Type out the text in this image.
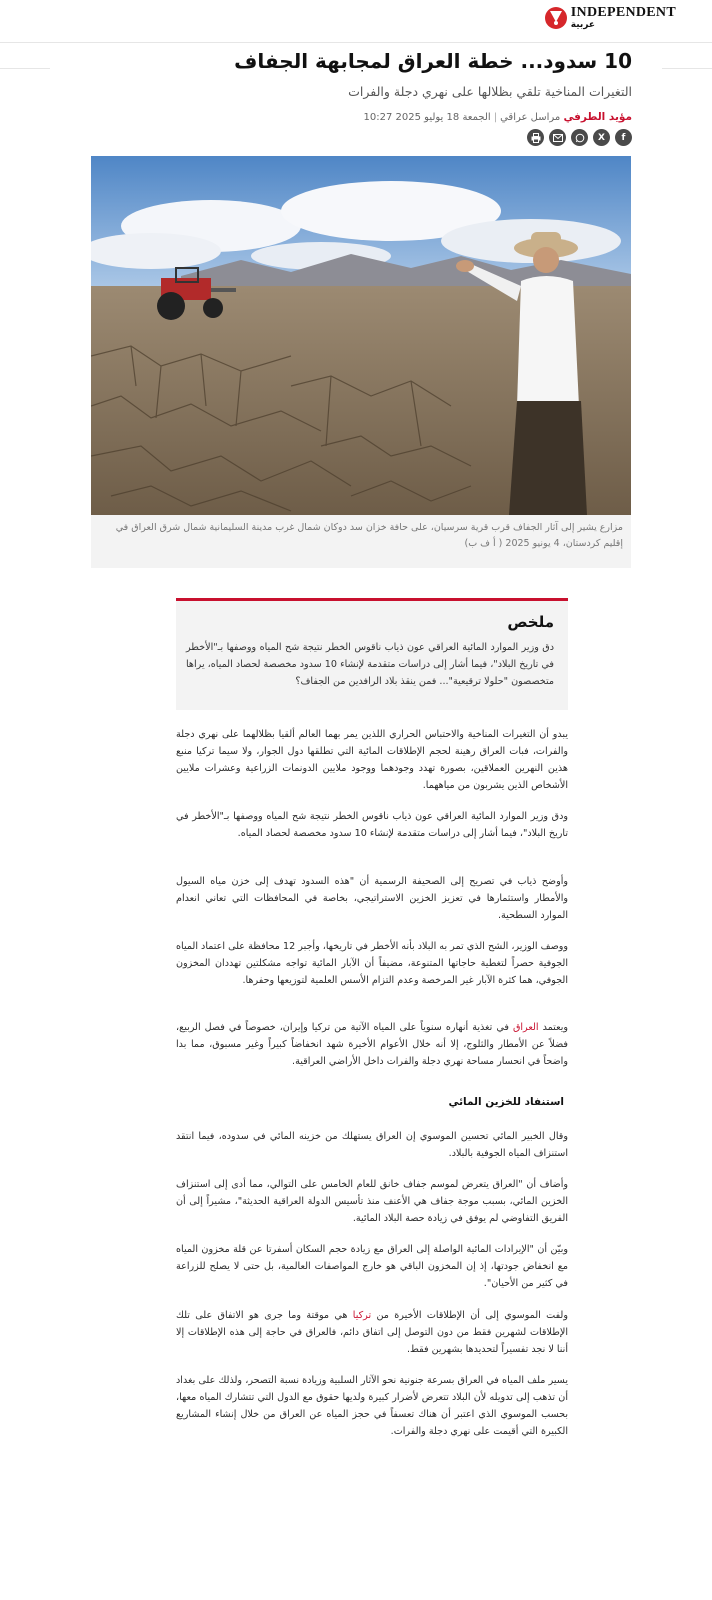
INDEPENDENT
عربية
10 سدود... خطة العراق لمجابهة الجفاف

التغيرات المناخية تلقي بظلالها على نهري دجلة والفرات

مؤيد الطرفي مراسل عراقي|الجمعة 18 يوليو 2025 10:27
f
X
مزارع يشير إلى آثار الجفاف قرب قرية سرسيان، على حافة خزان سد دوكان شمال غرب مدينة السليمانية شمال شرق العراق في إقليم كردستان، 4 يونيو 2025 ( أ ف ب)
ملخص

دق وزير الموارد المائية العراقي عون ذياب ناقوس الخطر نتيجة شح المياه ووصفها بـ"الأخطر في تاريخ البلاد"، فيما أشار إلى دراسات متقدمة لإنشاء 10 سدود مخصصة لحصاد المياه، يراها متخصصون "حلولا ترقيعية"... فمن ينقذ بلاد الرافدين من الجفاف؟

يبدو أن التغيرات المناخية والاحتباس الحراري اللذين يمر بهما العالم ألقيا بظلالهما على نهري دجلة والفرات، فبات العراق رهينة لحجم الإطلاقات المائية التي تطلقها دول الجوار، ولا سيما تركيا منبع هذين النهرين العملاقين، بصورة تهدد وجودهما ووجود ملايين الدونمات الزراعية وعشرات ملايين الأشخاص الذين يشربون من مياههما.

ودق وزير الموارد المائية العراقي عون ذياب ناقوس الخطر نتيجة شح المياه ووصفها بـ"الأخطر في تاريخ البلاد"، فيما أشار إلى دراسات متقدمة لإنشاء 10 سدود مخصصة لحصاد المياه.

وأوضح ذياب في تصريح إلى الصحيفة الرسمية أن "هذه السدود تهدف إلى خزن مياه السيول والأمطار واستثمارها في تعزيز الخزين الاستراتيجي، بخاصة في المحافظات التي تعاني انعدام الموارد السطحية.

ووصف الوزير، الشح الذي تمر به البلاد بأنه الأخطر في تاريخها، وأجبر 12 محافظة على اعتماد المياه الجوفية حصراً لتغطية حاجاتها المتنوعة، مضيفاً أن الآبار المائية تواجه مشكلتين تهددان المخزون الجوفي، هما كثرة الآبار غير المرخصة وعدم التزام الأسس العلمية لتوزيعها وحفرها.

ويعتمد العراق في تغذية أنهاره سنوياً على المياه الآتية من تركيا وإيران، خصوصاً في فصل الربيع، فضلاً عن الأمطار والثلوج، إلا أنه خلال الأعوام الأخيرة شهد انخفاضاً كبيراً وغير مسبوق، مما بدا واضحاً في انحسار مساحة نهري دجلة والفرات داخل الأراضي العراقية.

استنفاد للخزين المائي

وقال الخبير المائي تحسين الموسوي إن العراق يستهلك من خزينه المائي في سدوده، فيما انتقد استنزاف المياه الجوفية بالبلاد.

وأضاف أن "العراق يتعرض لموسم جفاف خانق للعام الخامس على التوالي، مما أدى إلى استنزاف الخزين المائي، بسبب موجة جفاف هي الأعنف منذ تأسيس الدولة العراقية الحديثة"، مشيراً إلى أن الفريق التفاوضي لم يوفق في زيادة حصة البلاد المائية.

وبيّن أن "الإيرادات المائية الواصلة إلى العراق مع زيادة حجم السكان أسفرتا عن قلة مخزون المياه مع انخفاض جودتها، إذ إن المخزون الباقي هو خارج المواصفات العالمية، بل حتى لا يصلح للزراعة في كثير من الأحيان".

ولفت الموسوي إلى أن الإطلاقات الأخيرة من تركيا هي موقتة وما جرى هو الاتفاق على تلك الإطلاقات لشهرين فقط من دون التوصل إلى اتفاق دائم، فالعراق في حاجة إلى هذه الإطلاقات إلا أننا لا نجد تفسيراً لتحديدها بشهرين فقط.

يسير ملف المياه في العراق بسرعة جنونية نحو الآثار السلبية وزيادة نسبة التصحر، ولذلك على بغداد أن تذهب إلى تدويله لأن البلاد تتعرض لأضرار كبيرة ولديها حقوق مع الدول التي تتشارك المياه معها، بحسب الموسوي الذي اعتبر أن هناك تعسفاً في حجز المياه عن العراق من خلال إنشاء المشاريع الكبيرة التي أقيمت على نهري دجلة والفرات.
